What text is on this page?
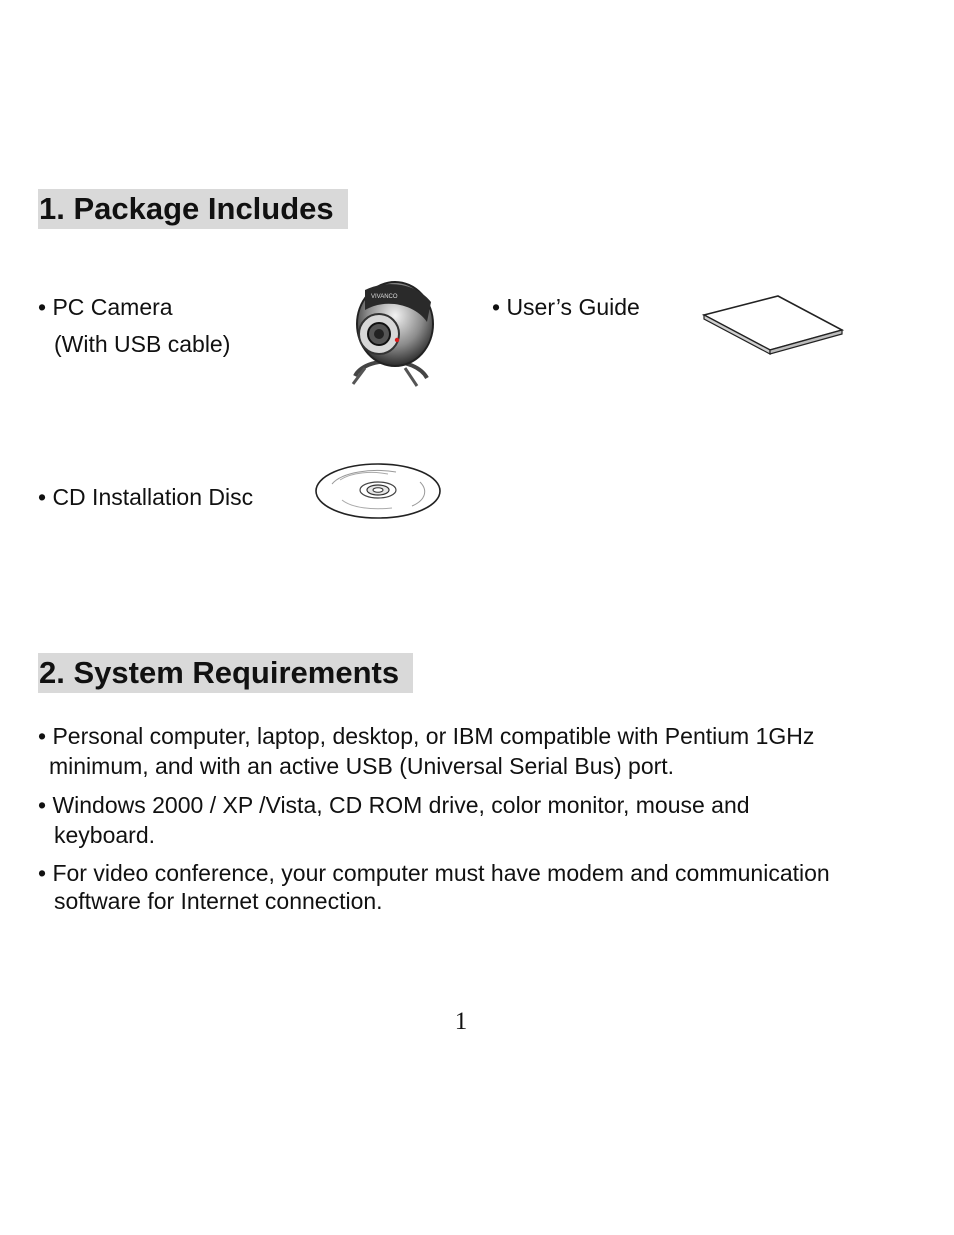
1. Package Includes
• PC Camera
(With USB cable)
VIVANCO	• User’s Guide
• CD Installation Disc
2. System Requirements
• Personal computer, laptop, desktop, or IBM compatible with Pentium 1GHz
minimum, and with an active USB (Universal Serial Bus) port.
• Windows 2000 / XP /Vista, CD ROM drive, color monitor, mouse and
keyboard.
• For video conference, your computer must have modem and communication
software for Internet connection.
1
